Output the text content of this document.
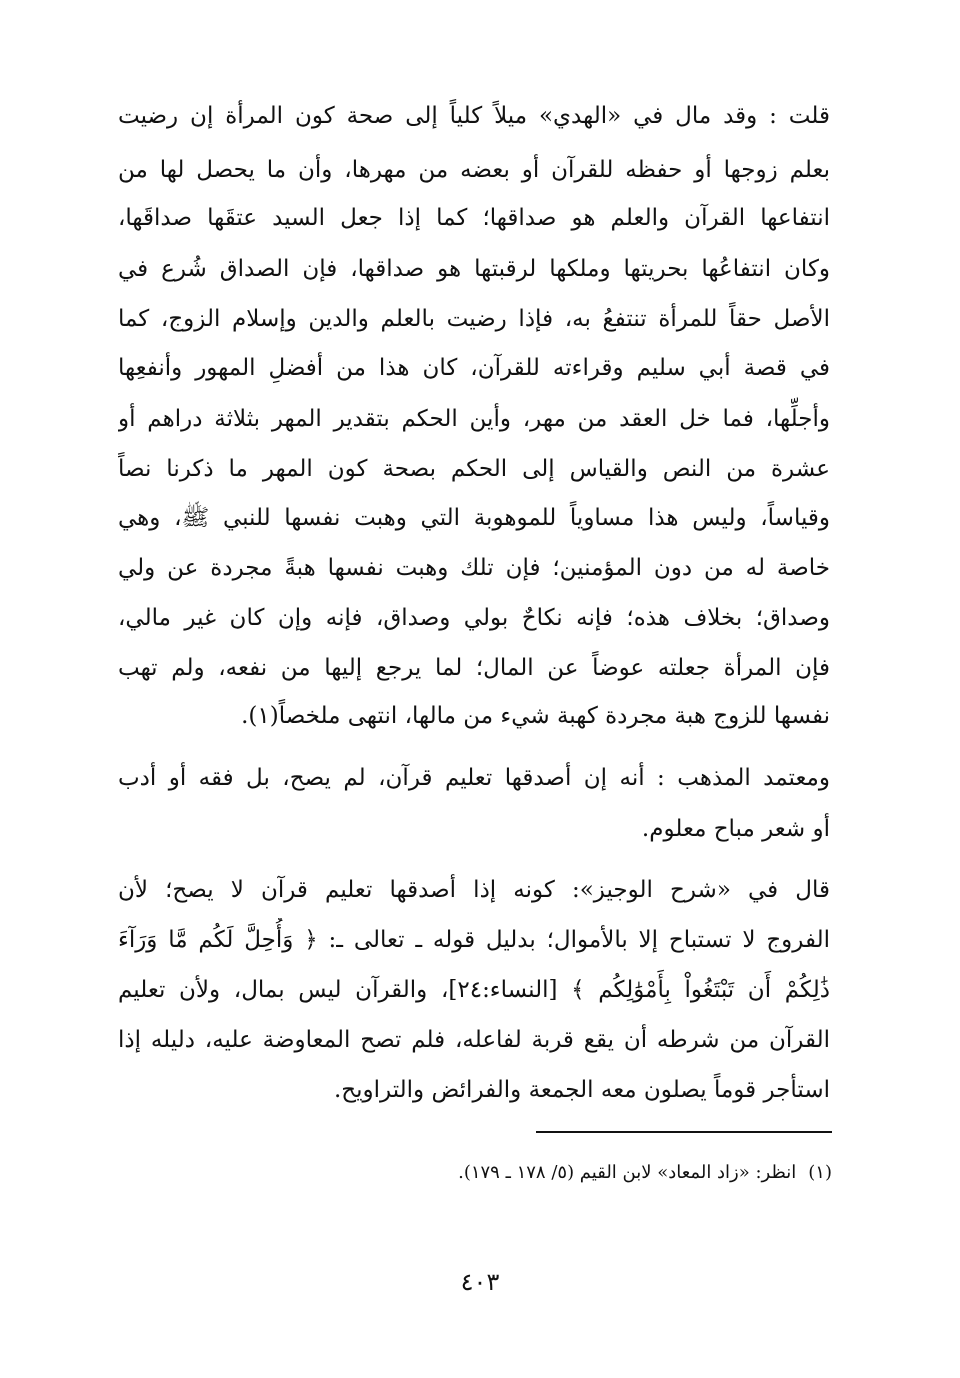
قلت : وقد مال في «الهدي» ميلاً كلياً إلى صحة كون المرأة إن رضيت
بعلم زوجها أو حفظه للقرآن أو بعضه من مهرها، وأن ما يحصل لها من
انتفاعها القرآن والعلم هو صداقها؛ كما إذا جعل السيد عتقَها صداقَها،
وكان انتفاعُها بحريتها وملكها لرقبتها هو صداقها، فإن الصداق شُرع في
الأصل حقاً للمرأة تنتفعُ به، فإذا رضيت بالعلم والدين وإسلام الزوج، كما
في قصة أبي سليم وقراءته للقرآن، كان هذا من أفضلِ المهور وأنفعِها
وأجلِّها، فما خل العقد من مهر، وأين الحكم بتقدير المهر بثلاثة دراهم أو
عشرة من النص والقياس إلى الحكم بصحة كون المهر ما ذكرنا نصاً
وقياساً، وليس هذا مساوياً للموهوبة التي وهبت نفسها للنبي ﷺ، وهي
خاصة له من دون المؤمنين؛ فإن تلك وهبت نفسها هبةً مجردة عن ولي
وصداق؛ بخلاف هذه؛ فإنه نكاحٌ بولي وصداق، فإنه وإن كان غير مالي،
فإن المرأة جعلته عوضاً عن المال؛ لما يرجع إليها من نفعه، ولم تهب
نفسها للزوج هبة مجردة كهبة شيء من مالها، انتهى ملخصاً(١).
ومعتمد المذهب : أنه إن أصدقها تعليم قرآن، لم يصح، بل فقه أو أدب
أو شعر مباح معلوم.
قال في «شرح الوجيز»: كونه إذا أصدقها تعليم قرآن لا يصح؛ لأن
الفروج لا تستباح إلا بالأموال؛ بدليل قوله ـ تعالى ـ: ﴿ وَأُحِلَّ لَكُم مَّا وَرَآءَ
ذَٰلِكُمْ أَن تَبْتَغُواْ بِأَمْوَٰلِكُم ﴾ [النساء:٢٤]، والقرآن ليس بمال، ولأن تعليم
القرآن من شرطه أن يقع قربة لفاعله، فلم تصح المعاوضة عليه، دليله إذا
استأجر قوماً يصلون معه الجمعة والفرائض والتراويح.
(١)انظر: «زاد المعاد» لابن القيم (٥/ ١٧٨ ـ ١٧٩).
٤٠٣
